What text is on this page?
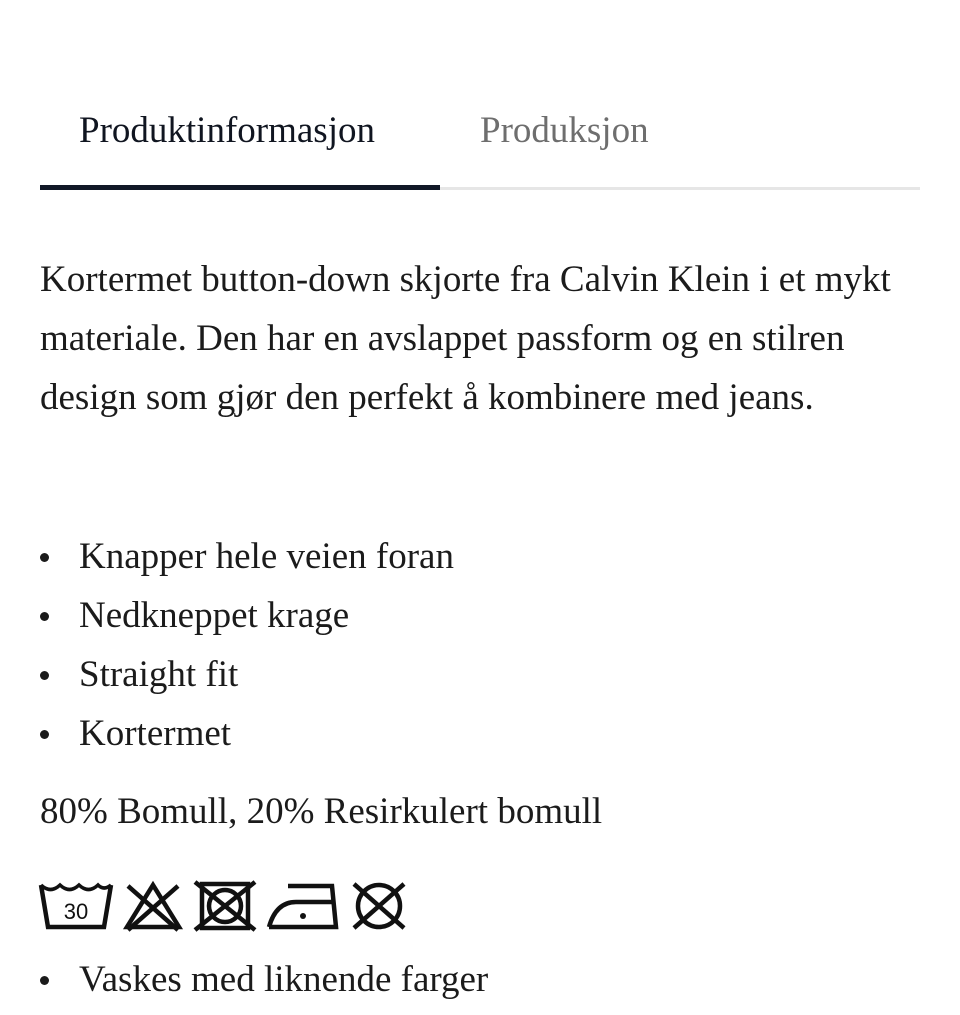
Produktinformasjon	Produksjon

Kortermet button-down skjorte fra Calvin Klein i et mykt materiale. Den har en avslappet passform og en stilren design som gjør den perfekt å kombinere med jeans.

Knapper hele veien foran
Nedkneppet krage
Straight fit
Kortermet

80% Bomull, 20% Resirkulert bomull

30
Vaskes med liknende farger
